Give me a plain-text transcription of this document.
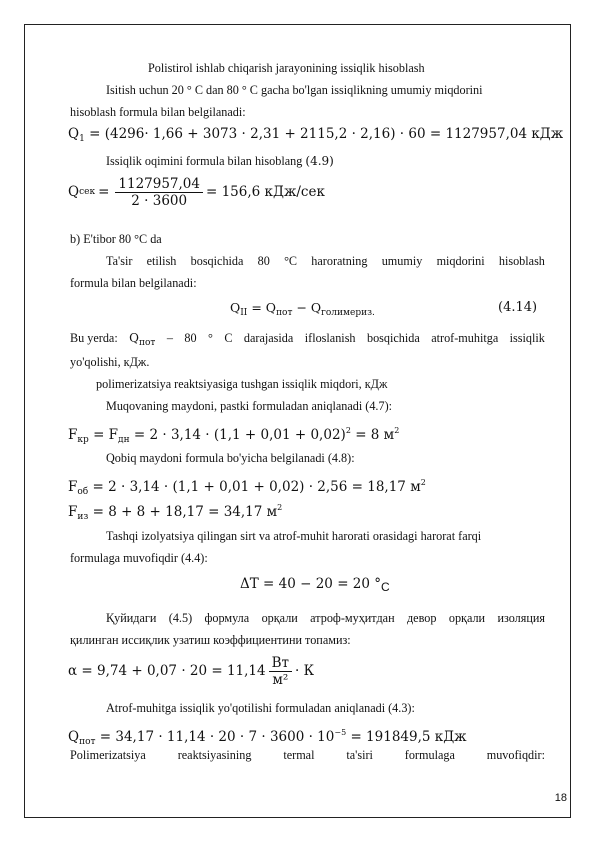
Polistirol ishlab chiqarish jarayonining issiqlik hisoblash
Isitish uchun 20 ° C dan 80 ° C gacha bo'lgan issiqlikning umumiy miqdorini
hisoblash formula bilan belgilanadi:
$Q_1 = (4296\cdot 1,66 + 3073 \cdot 2,31 + 2115,2 \cdot 2,16) \cdot 60 = 1127957,04$ кДж
Issiqlik oqimini formula bilan hisoblang (4.9)
Q сек = $\frac{1127957,04}{2 \cdot 3600} = 156,6$ кДж/сек
b) E'tibor 80 °C da
Ta'sir etilish bosqichida 80 °C haroratning umumiy miqdorini hisoblash
formula bilan belgilanadi:
$Q_{II} = Q_{пот} - Q_{голимериз.}$	(4.14)
Bu yerda: $Q_{пот} - 80$ ° C darajasida ifloslanish bosqichida atrof-muhitga issiqlik
yo'qolishi, кДж.
polimerizatsiya reaktsiyasiga tushgan issiqlik miqdori, кДж
Muqovaning maydoni, pastki formuladan aniqlanadi (4.7):
$F_{кр} = F_{дн} = 2 \cdot 3,14 \cdot (1,1 + 0,01 + 0,02)^2 = 8$ $м^2$
Qobiq maydoni formula bo'yicha belgilanadi (4.8):
$F_{об} = 2 \cdot 3,14 \cdot (1,1 + 0,01 + 0,02) \cdot 2,56 = 18,17$ $м^2$
$F_{из} = 8 + 8 + 18,17 = 34,17$ $м^2$
Tashqi izolyatsiya qilingan sirt va atrof-muhit harorati orasidagi harorat farqi
formulaga muvofiqdir (4.4):
ΔT = 40 − 20 = 20 °C
Қуйидаги (4.5) формула орқали атроф-муҳитдан девор орқали изоляция
қилинган иссиқлик узатиш коэффициентини топамиз:
$\alpha = 9,74 + 0,07 \cdot 20 = 11,14 \frac{Вт}{\text{м²}} \cdot К$
Atrof-muhitga issiqlik yo'qotilishi formuladan aniqlanadi (4.3):
$Q_{пот} = 34,17 \cdot 11,14 \cdot 20 \cdot 7 \cdot 3600 \cdot 10^{-5} = 191849,5$ кДж
Polimerizatsiya	reaktsiyasining	termal	ta'siri	formulaga	muvofiqdir:
18
